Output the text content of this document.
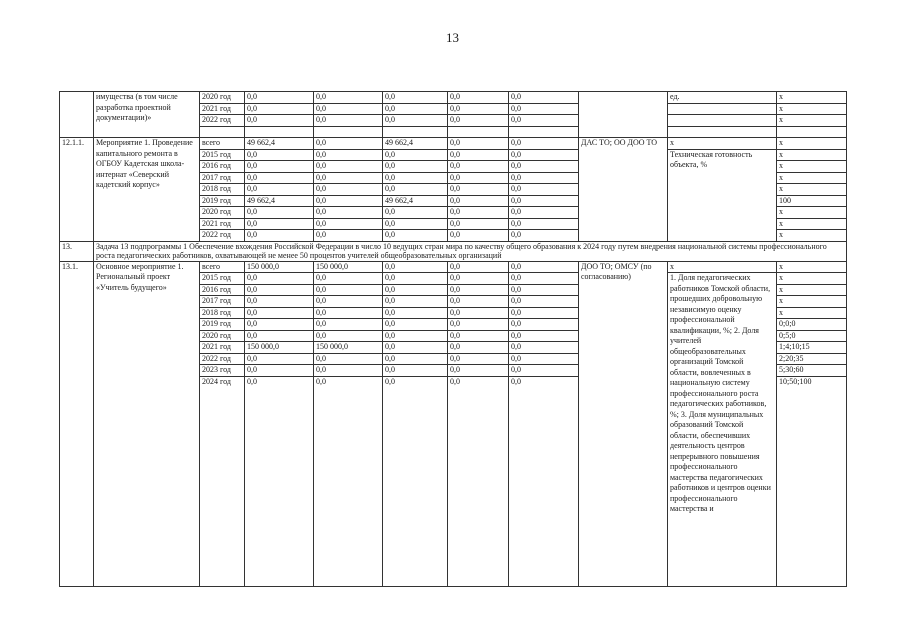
13
	имущества (в том числе разработка проектной документации)»	2020 год	0,0	0,0	0,0	0,0	0,0		ед.	х
		2021 год	0,0	0,0	0,0	0,0	0,0			х
		2022 год	0,0	0,0	0,0	0,0	0,0			х

12.1.1.	Мероприятие 1. Проведение капитального ремонта в ОГБОУ Кадетская школа-интернат «Северский кадетский корпус»	всего	49 662,4	0,0	49 662,4	0,0	0,0	ДАС ТО; ОО ДОО ТО	х	х
		2015 год	0,0	0,0	0,0	0,0	0,0		Техническая готовность объекта, %	х
		2016 год	0,0	0,0	0,0	0,0	0,0			х
		2017 год	0,0	0,0	0,0	0,0	0,0			х
		2018 год	0,0	0,0	0,0	0,0	0,0			х
		2019 год	49 662,4	0,0	49 662,4	0,0	0,0			100
		2020 год	0,0	0,0	0,0	0,0	0,0			х
		2021 год	0,0	0,0	0,0	0,0	0,0			х
		2022 год	0,0	0,0	0,0	0,0	0,0			х
13.	Задача 13 подпрограммы 1 Обеспечение вхождения Российской Федерации в число 10 ведущих стран мира по качеству общего образования к 2024 году путем внедрения национальной системы профессионального роста педагогических работников, охватывающей не менее 50 процентов учителей общеобразовательных организаций									
13.1.	Основное мероприятие 1. Региональный проект «Учитель будущего»	всего	150 000,0	150 000,0	0,0	0,0	0,0	ДОО ТО; ОМСУ (по согласованию)	х	х
		2015 год	0,0	0,0	0,0	0,0	0,0		1. Доля педагогических работников Томской области, прошедших добровольную независимую оценку профессиональной квалификации, %; 2. Доля учителей общеобразовательных организаций Томской области, вовлеченных в национальную систему профессионального роста педагогических работников, %; 3. Доля муниципальных образований Томской области, обеспечивших деятельность центров непрерывного повышения профессионального мастерства педагогических работников и центров оценки профессионального мастерства и	х
		2016 год	0,0	0,0	0,0	0,0	0,0			х
		2017 год	0,0	0,0	0,0	0,0	0,0			х
		2018 год	0,0	0,0	0,0	0,0	0,0			х
		2019 год	0,0	0,0	0,0	0,0	0,0			0;0;0
		2020 год	0,0	0,0	0,0	0,0	0,0			0;5;0
		2021 год	150 000,0	150 000,0	0,0	0,0	0,0			1;4;10;15
		2022 год	0,0	0,0	0,0	0,0	0,0			2;20;35
		2023 год	0,0	0,0	0,0	0,0	0,0			5;30;60
		2024 год	0,0	0,0	0,0	0,0	0,0			10;50;100
